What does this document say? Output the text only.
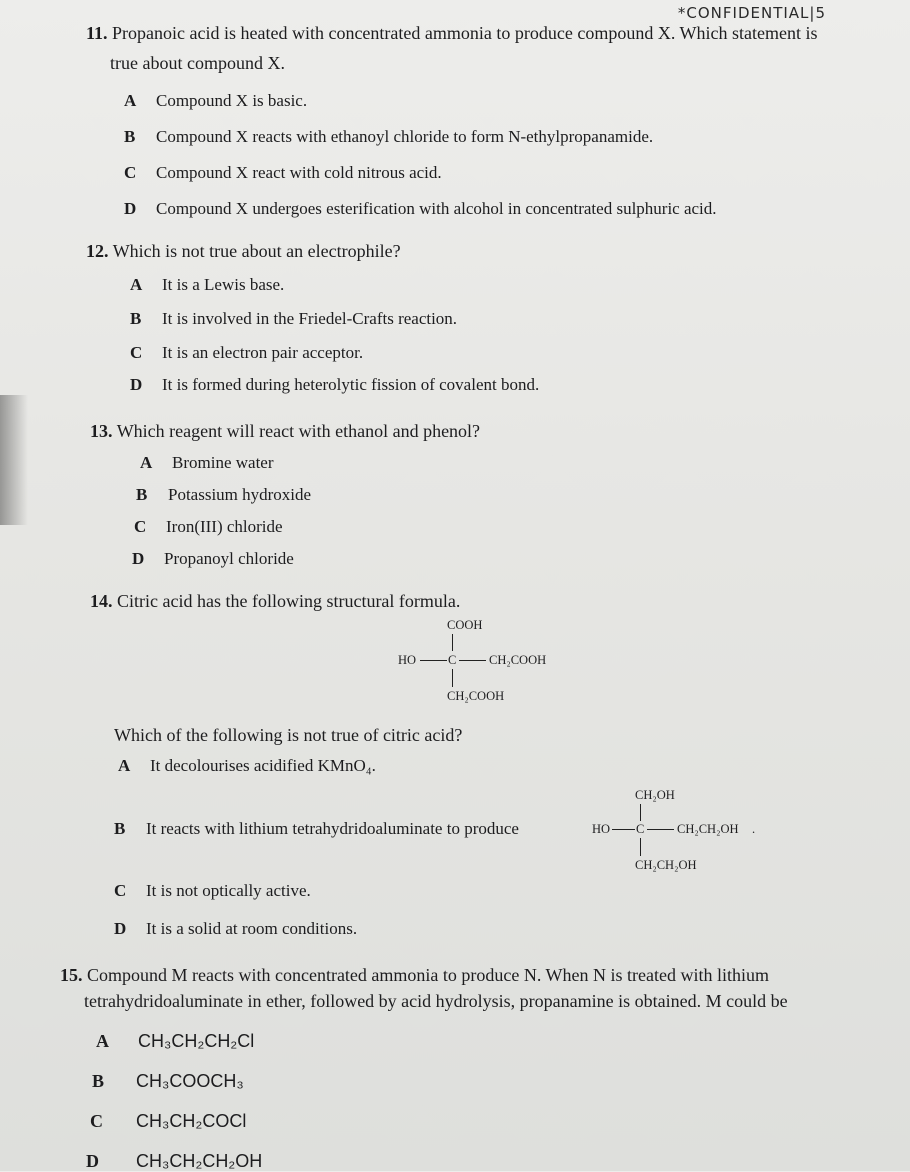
*CONFIDENTIAL|5
11. Propanoic acid is heated with concentrated ammonia to produce compound X. Which statement is
true about compound X.
A Compound X is basic.
B Compound X reacts with ethanoyl chloride to form N-ethylpropanamide.
C Compound X react with cold nitrous acid.
D Compound X undergoes esterification with alcohol in concentrated sulphuric acid.
12. Which is not true about an electrophile?
A It is a Lewis base.
B It is involved in the Friedel-Crafts reaction.
C It is an electron pair acceptor.
D It is formed during heterolytic fission of covalent bond.
13. Which reagent will react with ethanol and phenol?
A Bromine water
B Potassium hydroxide
C Iron(III) chloride
D Propanoyl chloride
14. Citric acid has the following structural formula.
COOH
HO	C	CH₂COOH
CH₂COOH
Which of the following is not true of citric acid?
A It decolourises acidified KMnO₄.
B It reacts with lithium tetrahydridoaluminate to produce
CH₂OH
HO C	CH₂CH₂OH .
CH₂CH₂OH
C It is not optically active.
D It is a solid at room conditions.
15. Compound M reacts with concentrated ammonia to produce N. When N is treated with lithium
tetrahydridoaluminate in ether, followed by acid hydrolysis, propanamine is obtained. M could be
A CH₃CH₂CH₂Cl
B CH₃COOCH₃
C CH₃CH₂COCl
D CH₃CH₂CH₂OH
